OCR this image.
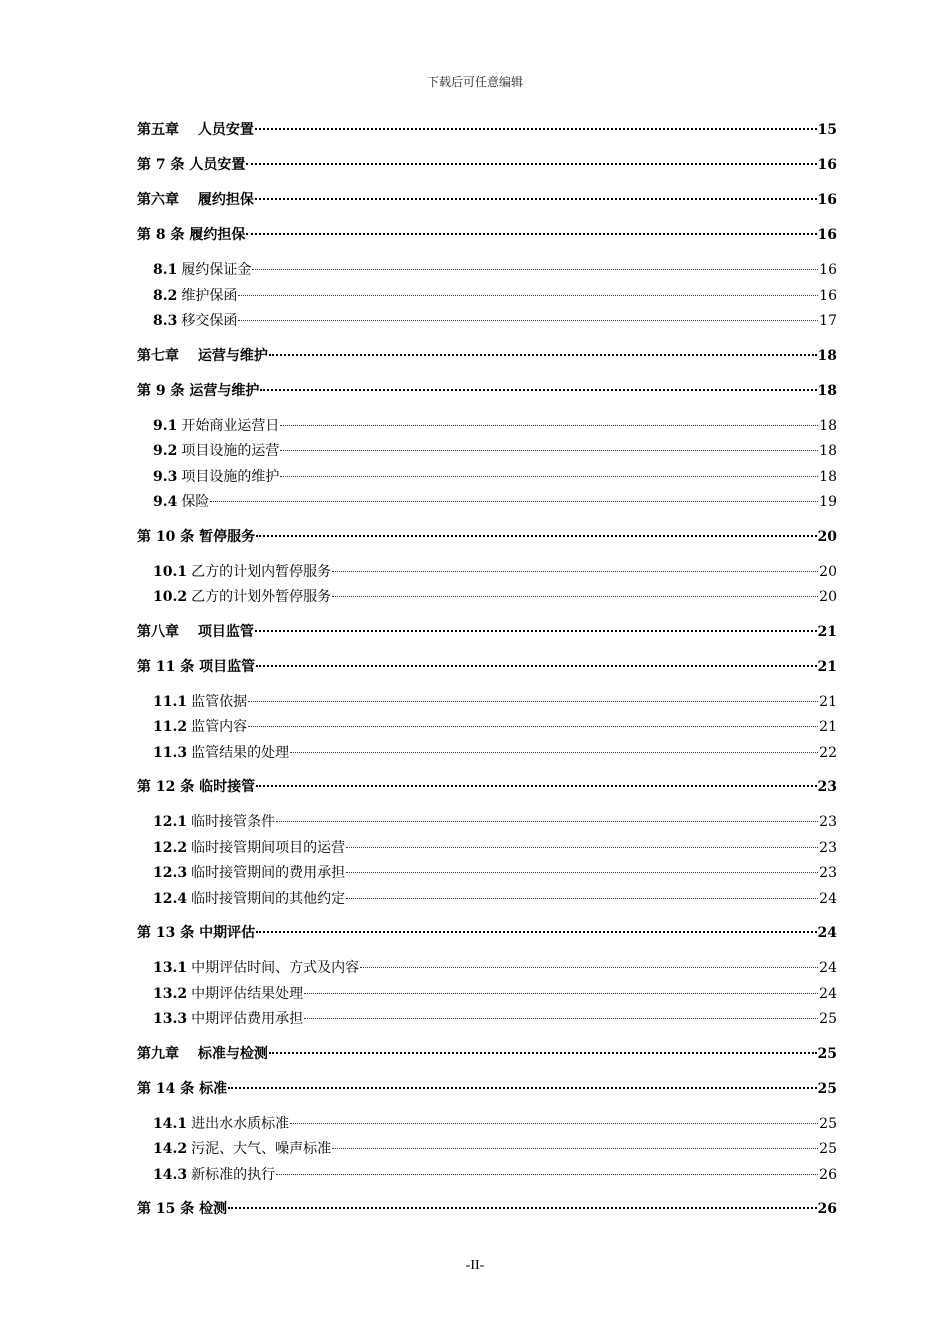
下载后可任意编辑
第五章　 人员安置	15
第 7 条 人员安置	16
第六章　 履约担保	16
第 8 条 履约担保	16
8.1 履约保证金	16
8.2 维护保函	16
8.3 移交保函	17
第七章　 运营与维护	18
第 9 条 运营与维护	18
9.1 开始商业运营日	18
9.2 项目设施的运营	18
9.3 项目设施的维护	18
9.4 保险	19
第 10 条 暂停服务	20
10.1 乙方的计划内暂停服务	20
10.2 乙方的计划外暂停服务	20
第八章　 项目监管	21
第 11 条 项目监管	21
11.1 监管依据	21
11.2 监管内容	21
11.3 监管结果的处理	22
第 12 条 临时接管	23
12.1 临时接管条件	23
12.2 临时接管期间项目的运营	23
12.3 临时接管期间的费用承担	23
12.4 临时接管期间的其他约定	24
第 13 条 中期评估	24
13.1 中期评估时间、方式及内容	24
13.2 中期评估结果处理	24
13.3 中期评估费用承担	25
第九章　 标准与检测	25
第 14 条 标准	25
14.1 进出水水质标准	25
14.2 污泥、大气、噪声标准	25
14.3 新标准的执行	26
第 15 条 检测	26
-II-
